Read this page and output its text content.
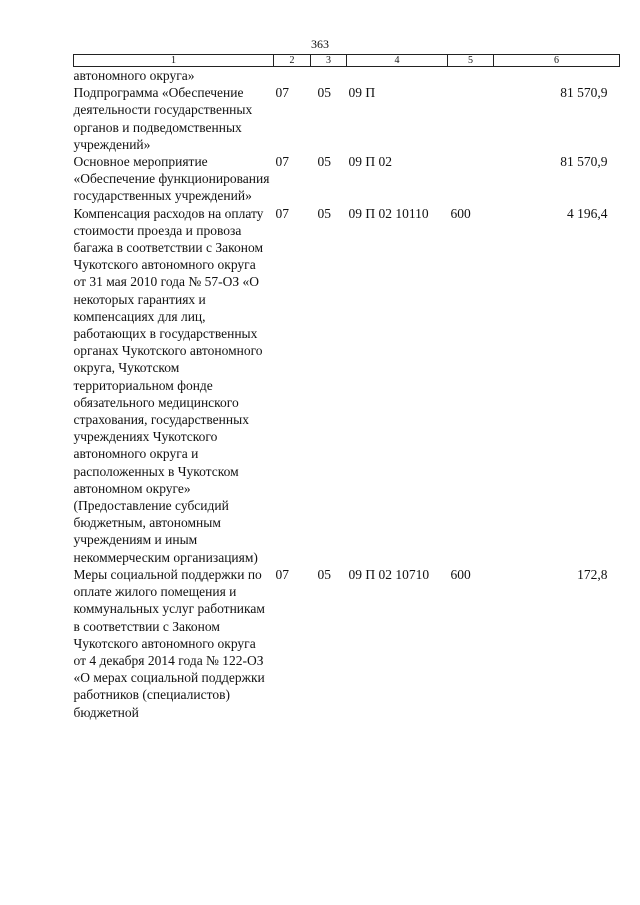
363
1	2	3	4	5	6
автономного округа»					
Подпрограмма «Обеспечение деятельности государственных органов и подведомственных учреждений»	07	05	09 П		81 570,9
Основное мероприятие «Обеспечение функционирования государственных учреждений»	07	05	09 П 02		81 570,9
Компенсация расходов на оплату стоимости проезда и провоза багажа в соответствии с Законом Чукотского автономного округа от 31 мая 2010 года № 57-ОЗ «О некоторых гарантиях и компенсациях для лиц, работающих в государственных органах Чукотского автономного округа, Чукотском территориальном фонде обязательного медицинского страхования, государственных учреждениях Чукотского автономного округа и расположенных в Чукотском автономном округе» (Предоставление субсидий бюджетным, автономным учреждениям и иным некоммерческим организациям)	07	05	09 П 02 10110	600	4 196,4
Меры социальной поддержки по оплате жилого помещения и коммунальных услуг работникам в соответствии с Законом Чукотского автономного округа от 4 декабря 2014 года № 122-ОЗ «О мерах социальной поддержки работников (специалистов) бюджетной	07	05	09 П 02 10710	600	172,8
